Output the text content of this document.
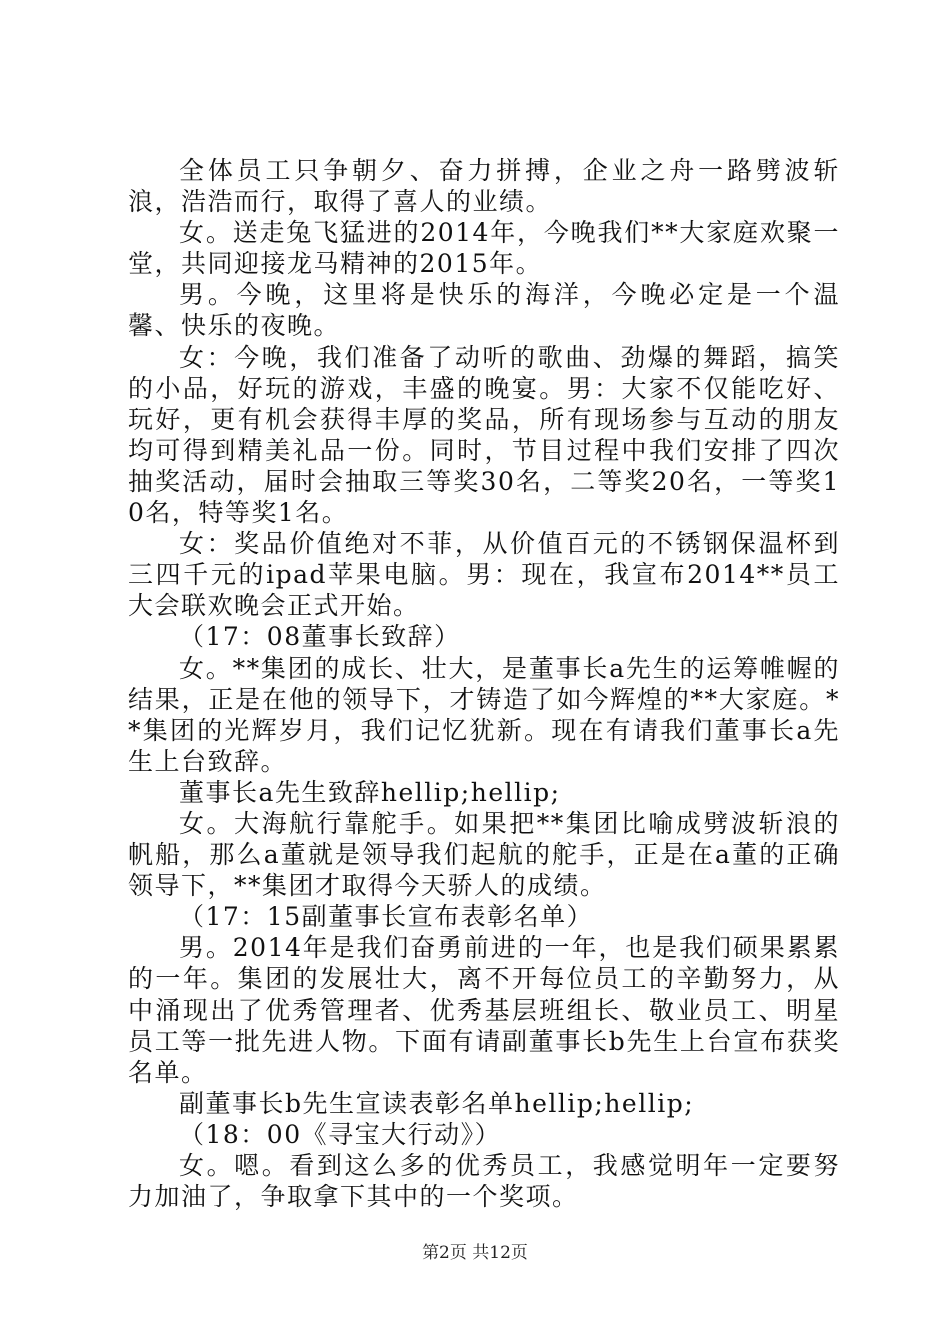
全体员工只争朝夕、奋力拼搏，企业之舟一路劈波斩浪，浩浩而行，取得了喜人的业绩。

女。送走兔飞猛进的2014年，今晚我们**大家庭欢聚一堂，共同迎接龙马精神的2015年。

男。今晚，这里将是快乐的海洋，今晚必定是一个温馨、快乐的夜晚。

女：今晚，我们准备了动听的歌曲、劲爆的舞蹈，搞笑的小品，好玩的游戏，丰盛的晚宴。男：大家不仅能吃好、玩好，更有机会获得丰厚的奖品，所有现场参与互动的朋友均可得到精美礼品一份。同时，节目过程中我们安排了四次抽奖活动，届时会抽取三等奖30名，二等奖20名，一等奖10名，特等奖1名。

女：奖品价值绝对不菲，从价值百元的不锈钢保温杯到三四千元的ipad苹果电脑。男：现在，我宣布2014**员工大会联欢晚会正式开始。

（17：08董事长致辞）

女。**集团的成长、壮大，是董事长a先生的运筹帷幄的结果，正是在他的领导下，才铸造了如今辉煌的**大家庭。**集团的光辉岁月，我们记忆犹新。现在有请我们董事长a先生上台致辞。

董事长a先生致辞hellip;hellip;

女。大海航行靠舵手。如果把**集团比喻成劈波斩浪的帆船，那么a董就是领导我们起航的舵手，正是在a董的正确领导下，**集团才取得今天骄人的成绩。

（17：15副董事长宣布表彰名单）

男。2014年是我们奋勇前进的一年，也是我们硕果累累的一年。集团的发展壮大，离不开每位员工的辛勤努力，从中涌现出了优秀管理者、优秀基层班组长、敬业员工、明星员工等一批先进人物。下面有请副董事长b先生上台宣布获奖名单。

副董事长b先生宣读表彰名单hellip;hellip;

（18：00《寻宝大行动》）

女。嗯。看到这么多的优秀员工，我感觉明年一定要努力加油了，争取拿下其中的一个奖项。

第2页 共12页
